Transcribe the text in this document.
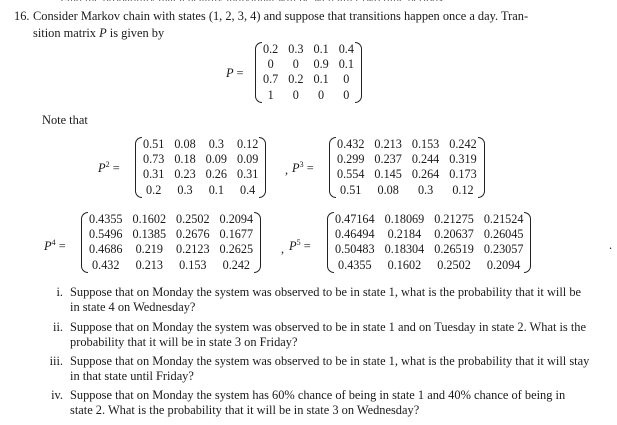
16. Consider Markov chain with states (1, 2, 3, 4) and suppose that transitions happen once a day. Tran-
sition matrix P is given by
P =
0.2	0.3	0.1	0.4
0	0	0.9	0.1
0.7	0.2	0.1	0
1	0	0	0
Note that
$P^2$ =
0.51	0.08	0.3	0.12
0.73	0.18	0.09	0.09
0.31	0.23	0.26	0.31
0.2	0.3	0.1	0.4
, $P^3$ =
0.432	0.213	0.153	0.242
0.299	0.237	0.244	0.319
0.554	0.145	0.264	0.173
0.51	0.08	0.3	0.12
$P^4$ =
0.4355	0.1602	0.2502	0.2094
0.5496	0.1385	0.2676	0.1677
0.4686	0.219	0.2123	0.2625
0.432	0.213	0.153	0.242
, $P^5$ =
0.47164	0.18069	0.21275	0.21524
0.46494	0.2184	0.20637	0.26045
0.50483	0.18304	0.26519	0.23057
0.4355	0.1602	0.2502	0.2094
.
i. Suppose that on Monday the system was observed to be in state 1, what is the probability that it will be in state 4 on Wednesday?
ii. Suppose that on Monday the system was observed to be in state 1 and on Tuesday in state 2. What is the probability that it will be in state 3 on Friday?
iii. Suppose that on Monday the system was observed to be in state 1, what is the probability that it will stay in that state until Friday?
iv. Suppose that on Monday the system has 60% chance of being in state 1 and 40% chance of being in state 2. What is the probability that it will be in state 3 on Wednesday?
